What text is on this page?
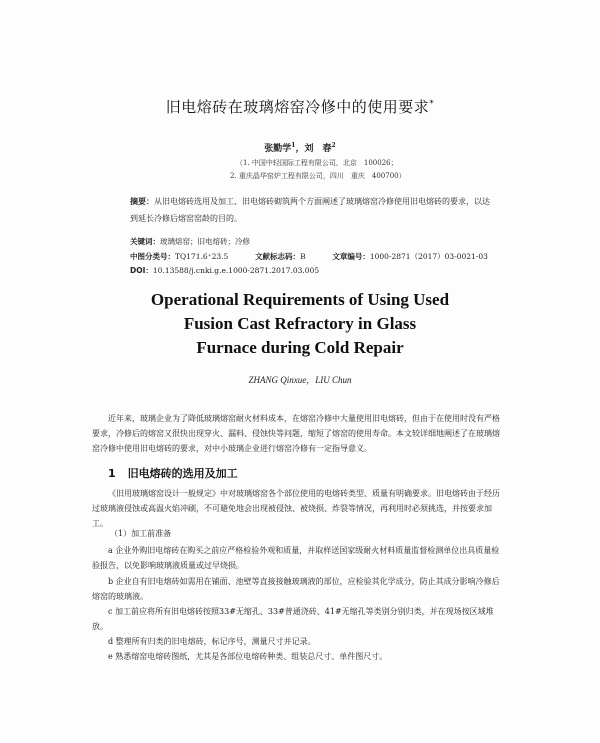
旧电熔砖在玻璃熔窑冷修中的使用要求*
张勤学$^1$，刘　春$^2$
（1. 中国中轻国际工程有限公司，北京　100026；
2. 重庆晶华窑炉工程有限公司，四川　重庆　400700）
摘要：从旧电熔砖选用及加工、旧电熔砖砌筑两个方面阐述了玻璃熔窑冷修使用旧电熔砖的要求，以达到延长冷修后熔窑窑龄的目的。
关键词：玻璃熔窑；旧电熔砖；冷修
中图分类号：TQ171.6⁺23.5	文献标志码：B	文章编号：1000-2871（2017）03-0021-03
DOI：10.13588/j.cnki.g.e.1000-2871.2017.03.005
Operational Requirements of Using Used
Fusion Cast Refractory in Glass
Furnace during Cold Repair
ZHANG Qinxue，LIU Chun
近年来，玻璃企业为了降低玻璃熔窑耐火材料成本，在熔窑冷修中大量使用旧电熔砖，但由于在使用时没有严格要求，冷修后的熔窑又很快出现穿火、漏料、侵蚀快等问题，缩短了熔窑的使用寿命。本文较详细地阐述了在玻璃熔窑冷修中使用旧电熔砖的要求，对中小玻璃企业进行熔窑冷修有一定指导意义。
1 旧电熔砖的选用及加工
《旧用玻璃熔窑设计一般规定》中对玻璃熔窑各个部位使用的电熔砖类型、质量有明确要求。旧电熔砖由于经历过玻璃液侵蚀或高温火焰冲刷，不可避免地会出现被侵蚀、被烧损、炸裂等情况，再利用时必须挑选，并按要求加工。
（1）加工前准备
a 企业外购旧电熔砖在购买之前应严格检验外观和质量，并取样送国家级耐火材料质量监督检测单位出具质量检验报告，以免影响玻璃液质量或过早烧损。
b 企业自有旧电熔砖如需用在铺面、池壁等直接接触玻璃液的部位，应检验其化学成分，防止其成分影响冷修后熔窑的玻璃液。
c 加工前应将所有旧电熔砖按照33#无缩孔、33#普通浇砖、41#无缩孔等类别分别归类，并在现场按区域堆放。
d 整理所有归类的旧电熔砖，标记序号，测量尺寸并记录。
e 熟悉熔窑电熔砖图纸，尤其是各部位电熔砖种类、组装总尺寸、单件图尺寸。
